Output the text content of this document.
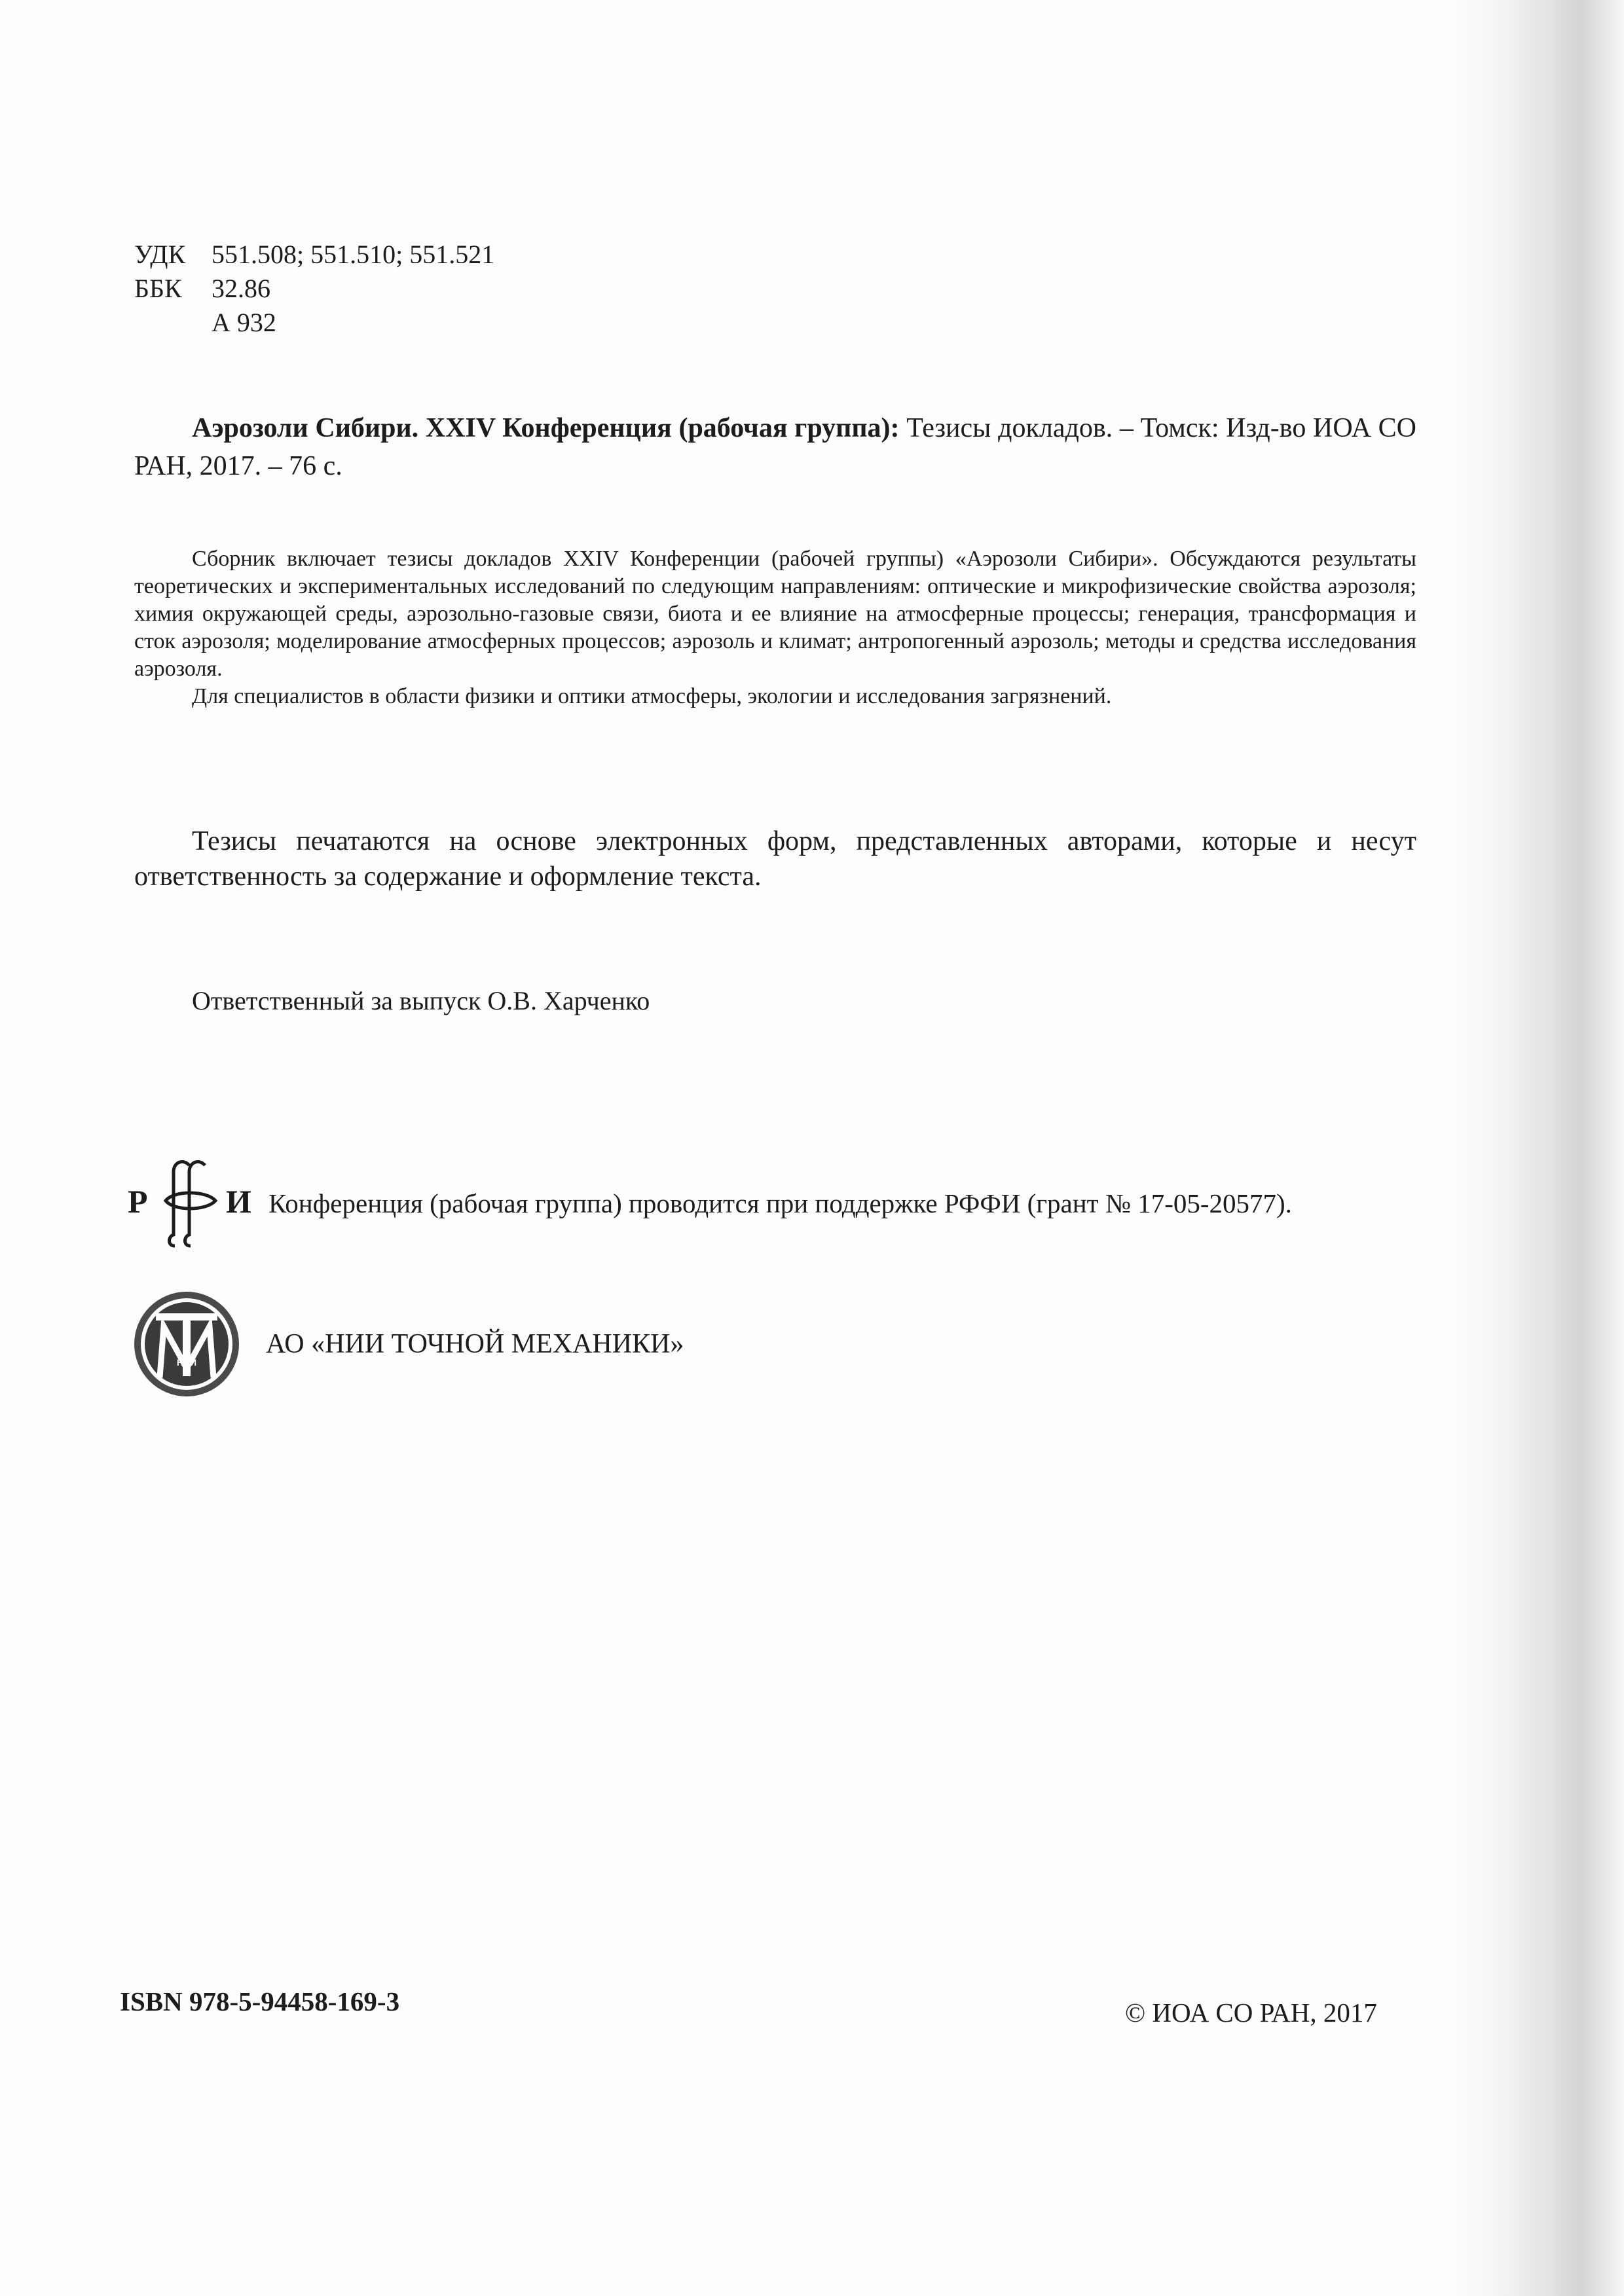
УДК 551.508; 551.510; 551.521
ББК	32.86
А 932
Аэрозоли Сибири. XXIV Конференция (рабочая группа): Тезисы докладов. – Томск: Изд-во ИОА СО РАН, 2017. – 76 с.

Сборник включает тезисы докладов XXIV Конференции (рабочей группы) «Аэрозоли Сибири». Обсуждаются результаты теоретических и экспериментальных исследований по следующим направлениям: оптические и микрофизические свойства аэрозоля; химия окружающей среды, аэрозольно-газовые связи, биота и ее влияние на атмосферные процессы; генерация, трансформация и сток аэрозоля; моделирование атмосферных процессов; аэрозоль и климат; антропогенный аэрозоль; методы и средства исследования аэрозоля.

Для специалистов в области физики и оптики атмосферы, экологии и исследования загрязнений.

Тезисы печатаются на основе электронных форм, представленных авторами, которые и несут ответственность за содержание и оформление текста.
Ответственный за выпуск О.В. Харченко
Р И Конференция (рабочая группа) проводится при поддержке РФФИ (грант № 17-05-20577).
НИИ
АО «НИИ ТОЧНОЙ МЕХАНИКИ»
ISBN 978-5-94458-169-3	© ИОА СО РАН, 2017
